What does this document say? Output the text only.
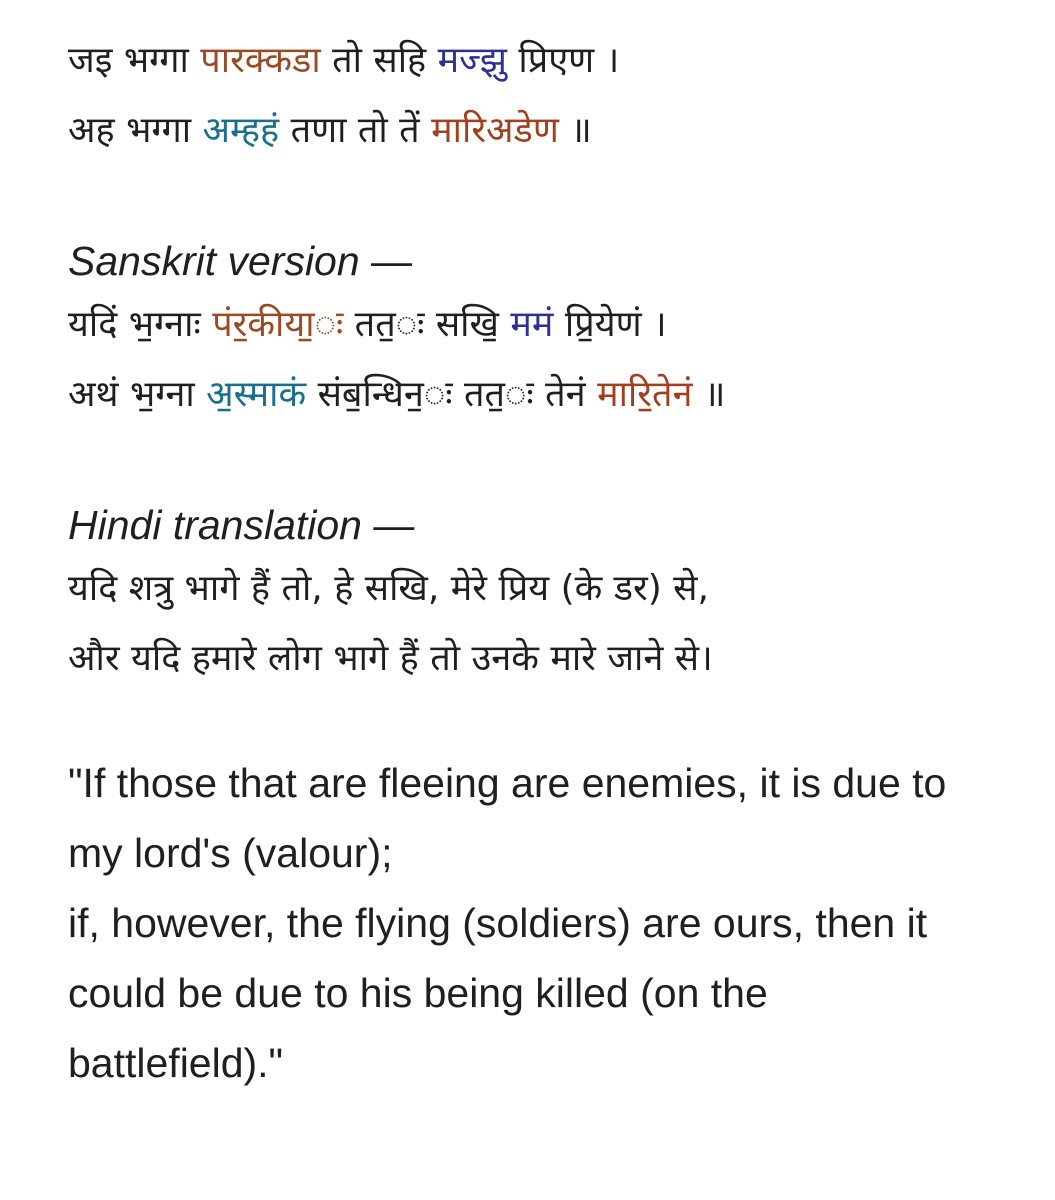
जइ भग्गा पारक्कडा तो सहि मज्झु प्रिएण ।
अह भग्गा अम्हहं तणा तो तें मारिअडेण ॥
Sanskrit version —
यदिं भ॒ग्नाः पंर॒कीया॒ः तत॒ः सखि॒ ममं प्रि॒येणं ।
अथं भ॒ग्ना अ॒स्माकं संब॒न्धिन॒ः तत॒ः तेनं मारि॒तेनं ॥
Hindi translation —
यदि शत्रु भागे हैं तो, हे सखि, मेरे प्रिय (के डर) से,
और यदि हमारे लोग भागे हैं तो उनके मारे जाने से।

"If those that are fleeing are enemies, it is due to my lord's (valour);

if, however, the flying (soldiers) are ours, then it could be due to his being killed (on the battlefield)."
